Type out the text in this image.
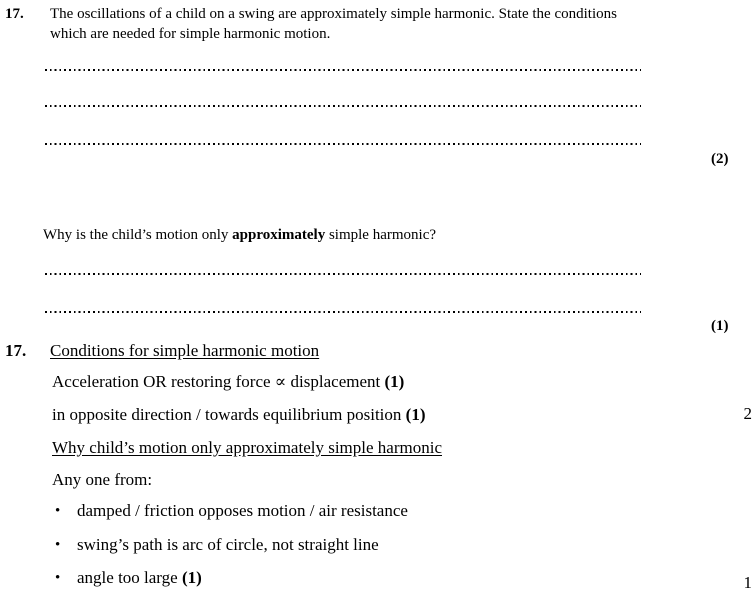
17. The oscillations of a child on a swing are approximately simple harmonic. State the conditions
which are needed for simple harmonic motion.
(2)
Why is the child’s motion only approximately simple harmonic?
(1)
17. Conditions for simple harmonic motion
Acceleration OR restoring force ∝ displacement (1)
in opposite direction / towards equilibrium position (1)	2
Why child’s motion only approximately simple harmonic
Any one from:
• damped / friction opposes motion / air resistance
• swing’s path is arc of circle, not straight line
• angle too large (1)	1
